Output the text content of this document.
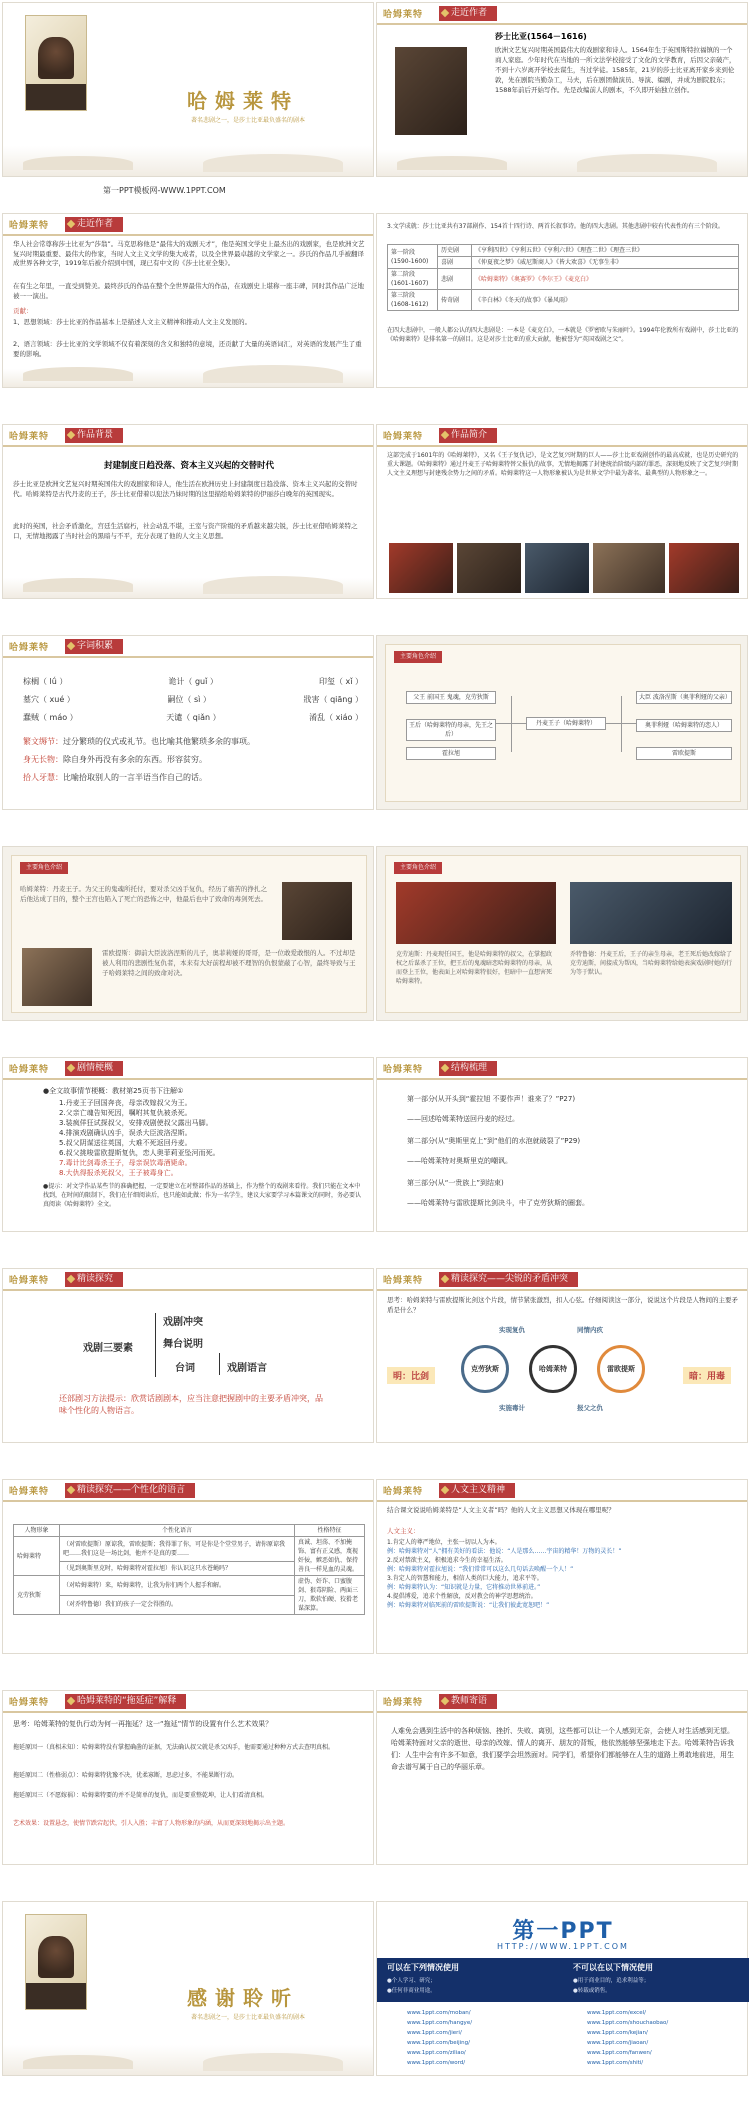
哈姆莱特
著名悲剧之一，是莎士比亚最负盛名的剧本
第一PPT模板网-WWW.1PPT.COM
哈姆莱特	走近作者
莎士比亚(1564－1616)
欧洲文艺复兴时期英国最伟大的戏剧家和诗人。1564年生于英国斯特拉福镇的一个商人家庭。少年时代在当地的一所文法学校接受了文化的文学教育，后因父亲破产，不到十六岁离开学校去谋生，当过学徒。1585年，21岁的莎士比亚离开家乡来到伦敦，先在剧院当勤杂工，马夫，后在剧团做演员、导演、编剧，并成为剧院股东；1588年前后开始写作。先是改编前人的剧本，不久即开始独立创作。
哈姆莱特	走近作者
华人社会常尊称莎士比亚为“莎翁”。马克思称他是“最伟大的戏剧天才”，他是英国文学史上最杰出的戏剧家，也是欧洲文艺复兴时期最重要、最伟大的作家，当时人文主义文学的集大成者，以及全世界最卓越的文学家之一。莎氏的作品几乎被翻译成世界各种文字，1919年后被介绍到中国，现已有中文的《莎士比亚全集》。
在有生之年里，一直受到赞美。最终莎氏的作品在整个全世界最伟大的作品，在戏剧史上堪称一座丰碑，同时其作品广泛地被一一演出。
贡献：
1、思想领域：莎士比亚的作品基本上是描述人文主义精神和推动人文主义发展的。
2、语言领域：莎士比亚的文学领域不仅有着深刻的含义和独特的意境，还贡献了大量的英语词汇，对英语的发展产生了重要的影响。
3.文学成就：莎士比亚共有37部剧作、154首十四行诗、两首长叙事诗。他的四大悲剧。其他悲剧中较有代表性的有三个阶段。
第一阶段(1590-1600)	历史剧	《亨利四世》《亨利五世》《亨利六世》《理查二世》《理查三世》
	喜剧	《仲夏夜之梦》《威尼斯商人》《皆大欢喜》《无事生非》
第二阶段(1601-1607)	悲剧	《哈姆莱特》《奥赛罗》《李尔王》《麦克白》
第三阶段(1608-1612)	传奇剧	《辛白林》《冬天的故事》《暴风雨》
在四大悲剧中，一般人都公认的四大悲剧是：一本是《麦克白》，一本就是《罗密欧与朱丽叶》。1994年伦敦所有戏剧中，莎士比亚的《哈姆莱特》是排名第一的剧目。这是对莎士比亚的重大贡献，他被誉为“英国戏剧之父”。
哈姆莱特	作品背景
封建制度日趋没落、资本主义兴起的交替时代
莎士比亚是欧洲文艺复兴时期英国伟大的戏剧家和诗人，他生活在欧洲历史上封建制度日趋没落、资本主义兴起的交替时代。哈姆莱特是古代丹麦的王子，莎士比亚借着以犯法乃妹时期的这里描绘哈姆莱特的伊丽莎白晚年的英国现实。
此时的英国，社会矛盾激化，宫廷生活腐朽，社会动乱不堪，王室与资产阶级的矛盾越来越尖锐，莎士比亚借哈姆莱特之口，无情地揭露了当时社会的黑暗与不平，充分表现了他的人文主义思想。
哈姆莱特	作品简介
这部完成于1601年的《哈姆莱特》，又名《王子复仇记》，是文艺复兴时期的巨人——莎士比亚戏剧创作的最高成就，也是历史研究的重大课题。《哈姆莱特》通过丹麦王子哈姆莱特替父报仇的故事，无情地揭露了封建统治阶级内部的罪恶，深刻地反映了文艺复兴时期人文主义理想与封建残余势力之间的矛盾。哈姆莱特这一人物形象被认为是世界文学中最为著名、最典型的人物形象之一。
哈姆莱特	字词积累
棕榈（ lǘ ）	诡计（ guǐ ）	印玺（ xǐ ）
墓穴（ xué ）	嗣位（ sì ）	戕害（ qiāng ）
蠢贼（ máo ）	天谴（ qiǎn ）	淆乱（ xiáo ）
繁文缛节：过分繁琐的仪式或礼节。也比喻其他繁琐多余的事项。
身无长物：除自身外再没有多余的东西。形容贫穷。
拾人牙慧：比喻拾取别人的一言半语当作自己的话。
主要角色介绍
父王 前国王 鬼魂，克劳狄斯
王后（哈姆莱特的母亲，先王之后）
霍拉旭
丹麦王子（哈姆莱特）
大臣 波洛涅斯（奥菲利娅的父亲）
奥菲利娅（哈姆莱特的恋人）
雷欧提斯
主要角色介绍
哈姆莱特：丹麦王子。为父王的鬼魂所托付，要对杀父凶手复仇，经历了痛苦的挣扎之后他达成了目的，整个王宫也陷入了死亡的恐怖之中，他最后也中了致命的毒剑死去。
雷欧提斯：御前大臣波洛涅斯的儿子，奥菲莉娅的哥哥，是一位敢爱敢恨的人。不过却是被人利用的悲剧性复仇者，本来有大好前程却被不理智的仇恨蒙蔽了心智，最终导致与王子哈姆莱特之间的致命对决。
主要角色介绍
克劳迪斯：丹麦现任国王，他是哈姆莱特的叔父，在掌握政权之后谋杀了王位，把王后的鬼魂暗恋哈姆莱特的母亲，从而登上王位，他表面上对哈姆莱特很好，但暗中一直想害死哈姆莱特。
乔特鲁德：丹麦王后，王子的亲生母亲，老王死后她改嫁给了克劳迪斯，间接成为帮凶，当哈姆莱特给她表演戏剧时她的行为等于默认。
哈姆莱特	剧情梗概
●全文故事情节梗概：教材第25页书下注解①
1.丹麦王子回国奔丧，母亲改嫁叔父为王。
2.父亲亡魂告知死因，嘱咐其复仇被杀死。
3.装疯佯狂试探叔父，安排戏剧使叔父露出马脚。
4.排演戏剧确认凶手，误杀大臣波洛涅斯。
5.叔父阴谋送往英国，大难不死返回丹麦。
6.叔父挑唆雷欧提斯复仇，恋人奥菲莉亚坠河而死。
7.毒计比剑毒杀王子，母亲误饮毒酒毙命。
8.大仇得报杀死叔父，王子被毒身亡。
●提示：对文学作品某些节的准确把握，一定要建立在对整部作品的基础上，作为整个的戏剧来看待。我们只能在文本中找到，在时间的限制下，我们在仔细阅读后，也只能如此做；作为一名学生，建议大家要学习本篇课文的同时，务必要认真阅读《哈姆莱特》全文。
哈姆莱特	结构梳理
第一部分(从开头到“霍拉旭 不要作声！谁来了？”P27)
——回述哈姆莱特送回丹麦的经过。
第二部分(从“奥斯里克上”到“他们的水泡就破裂了”P29)
——哈姆莱特对奥斯里克的嘲讽。
第三部分(从“一贵族上”到结束)
——哈姆莱特与雷欧提斯比剑决斗，中了克劳狄斯的圈套。
哈姆莱特	精读探究
戏剧三要素
戏剧冲突
舞台说明
台词	戏剧语言
还部剧习方法提示：欣赏话剧剧本，应当注意把握剧中的主要矛盾冲突，品味个性化的人物语言。
哈姆莱特	精读探究——尖锐的矛盾冲突
思考：哈姆莱特与雷欧提斯比剑这个片段，情节紧张激烈，扣人心弦。仔细阅读这一部分，说说这个片段是人物间的主要矛盾是什么？
明：比剑	暗：用毒
实现复仇	同情内疚
克劳狄斯	哈姆莱特	雷欧提斯
实施毒计	报父之仇
哈姆莱特	精读探究——个性化的语言
人物形象	个性化语言	性格特征
哈姆莱特	（对雷欧提斯）原谅我，雷欧提斯；我得罪了你，可是你是个堂堂男子，请你原谅我吧……我们这是一场比剑，他并不是真的要……	真诚、坦荡、不加掩饰、富有正义感，蔑视奸佞，嫉恶如仇、保持善良一样见血的灵魂。
	（见到奥斯里克时，哈姆莱特对霍拉旭）你认识这只水苍蝇吗？	
克劳狄斯	（对哈姆莱特）来，哈姆莱特，让我为你们两个人握手和解。	虚伪、奸诈、口蜜腹剑、狠毒阴险、两面三刀，欺软怕硬、狡猾老谋深算。
	（对乔特鲁德）我们的孩子一定会得胜的。	
哈姆莱特	人文主义精神
结合课文说说哈姆莱特是“人文主义者”吗？他的人文主义思想又体现在哪里呢？
人文主义：
1.肯定人的尊严地位，主张一切以人为本。
例：哈姆莱特对“人”拥有美好的看法：他说：“人是那么……宇宙的精华！万物的灵长！”
2.反对禁欲主义，积极追求今生的幸福生活。
例：哈姆莱特对霍拉旭说：“我们常常可以这么几句话去唤醒一个人！”
3.肯定人的智慧和能力，相信人类的巨大能力，追求平等。
例：哈姆莱特认为：“知识就是力量，它将推动世界前进。”
4.提倡博爱，追求个性解放，反对教会的神学思想统治。
例：哈姆莱特对临死前的雷欧提斯说：“让我们彼此宽恕吧！”
哈姆莱特	哈姆莱特的“拖延症”解释
思考：哈姆莱特的复仇行动为何一再拖延？这一“拖延”情节的设置有什么艺术效果？
拖延原因一（真相未知）：哈姆莱特没有掌握确凿的证据，无法确认叔父就是杀父凶手，他需要通过种种方式去查明真相。
拖延原因二（性格弱点）：哈姆莱特犹豫不决，优柔寡断，思虑过多，不能果断行动。
拖延原因三（不愿嫁祸）：哈姆莱特要的并不是简单的复仇，而是要重整乾坤，让人们看清真相。
艺术效果：设置悬念，使情节跌宕起伏，引人入胜；丰富了人物形象的内涵，从而更深刻地揭示出主题。
哈姆莱特	教师寄语
人难免会遇到生活中的各种烦恼、挫折、失败、离别，这些都可以让一个人感到无奈，会使人对生活感到无望。哈姆莱特面对父亲的逝世、母亲的改嫁、情人的离开、朋友的背叛，他依然能够坚强地走下去。哈姆莱特告诉我们：人生中会有许多不如意，我们要学会坦然面对。同学们，希望你们都能够在人生的道路上勇敢地前进，用生命去谱写属于自己的华丽乐章。
感谢聆听
著名悲剧之一，是莎士比亚最负盛名的剧本
第一PPT
HTTP://WWW.1PPT.COM
可以在下列情况使用
●个人学习、研究；
●任何非商业用途。
不可以在以下情况使用
●用于商业目的，追求利益等；
●转载或销售。
www.1ppt.com/moban/
www.1ppt.com/hangye/
www.1ppt.com/jieri/
www.1ppt.com/beijing/
www.1ppt.com/ziliao/
www.1ppt.com/word/
www.1ppt.com/excel/
www.1ppt.com/shouchaobao/
www.1ppt.com/kejian/
www.1ppt.com/jiaoan/
www.1ppt.com/fanwen/
www.1ppt.com/shiti/
